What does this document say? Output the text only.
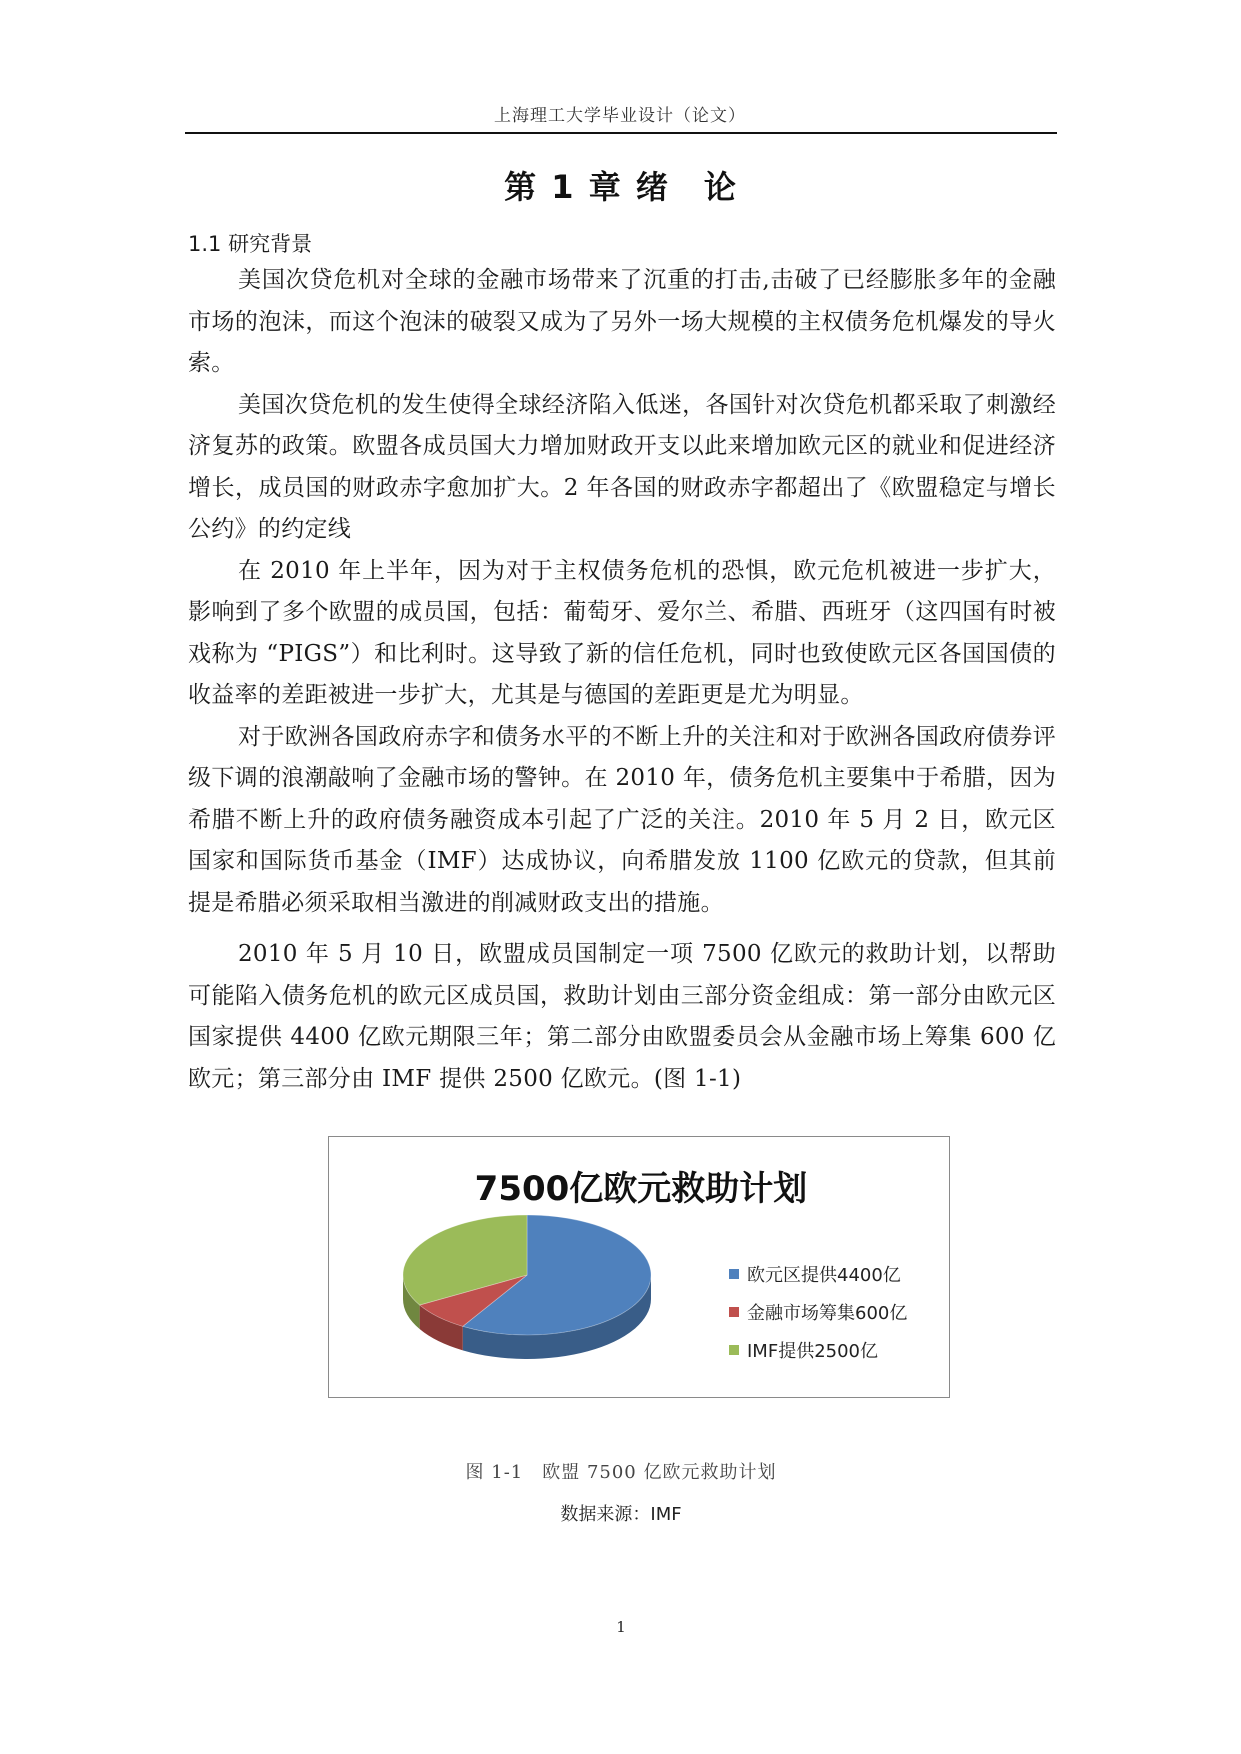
上海理工大学毕业设计（论文）
第 1 章 绪　论
1.1 研究背景

美国次贷危机对全球的金融市场带来了沉重的打击,击破了已经膨胀多年的金融市场的泡沫，而这个泡沫的破裂又成为了另外一场大规模的主权债务危机爆发的导火索。

美国次贷危机的发生使得全球经济陷入低迷，各国针对次贷危机都采取了刺激经济复苏的政策。欧盟各成员国大力增加财政开支以此来增加欧元区的就业和促进经济增长，成员国的财政赤字愈加扩大。2 年各国的财政赤字都超出了《欧盟稳定与增长公约》的约定线

在 2010 年上半年，因为对于主权债务危机的恐惧，欧元危机被进一步扩大，影响到了多个欧盟的成员国，包括：葡萄牙、爱尔兰、希腊、西班牙（这四国有时被戏称为 “PIGS”）和比利时。这导致了新的信任危机，同时也致使欧元区各国国债的收益率的差距被进一步扩大，尤其是与德国的差距更是尤为明显。

对于欧洲各国政府赤字和债务水平的不断上升的关注和对于欧洲各国政府债券评级下调的浪潮敲响了金融市场的警钟。在 2010 年，债务危机主要集中于希腊，因为希腊不断上升的政府债务融资成本引起了广泛的关注。2010 年 5 月 2 日，欧元区国家和国际货币基金（IMF）达成协议，向希腊发放 1100 亿欧元的贷款，但其前提是希腊必须采取相当激进的削减财政支出的措施。

2010 年 5 月 10 日，欧盟成员国制定一项 7500 亿欧元的救助计划，以帮助可能陷入债务危机的欧元区成员国，救助计划由三部分资金组成：第一部分由欧元区国家提供 4400 亿欧元期限三年；第二部分由欧盟委员会从金融市场上筹集 600 亿欧元；第三部分由 IMF 提供 2500 亿欧元。(图 1-1)

7500亿欧元救助计划
欧元区提供4400亿
金融市场筹集600亿
IMF提供2500亿
图 1-1　欧盟 7500 亿欧元救助计划
数据来源：IMF
1
